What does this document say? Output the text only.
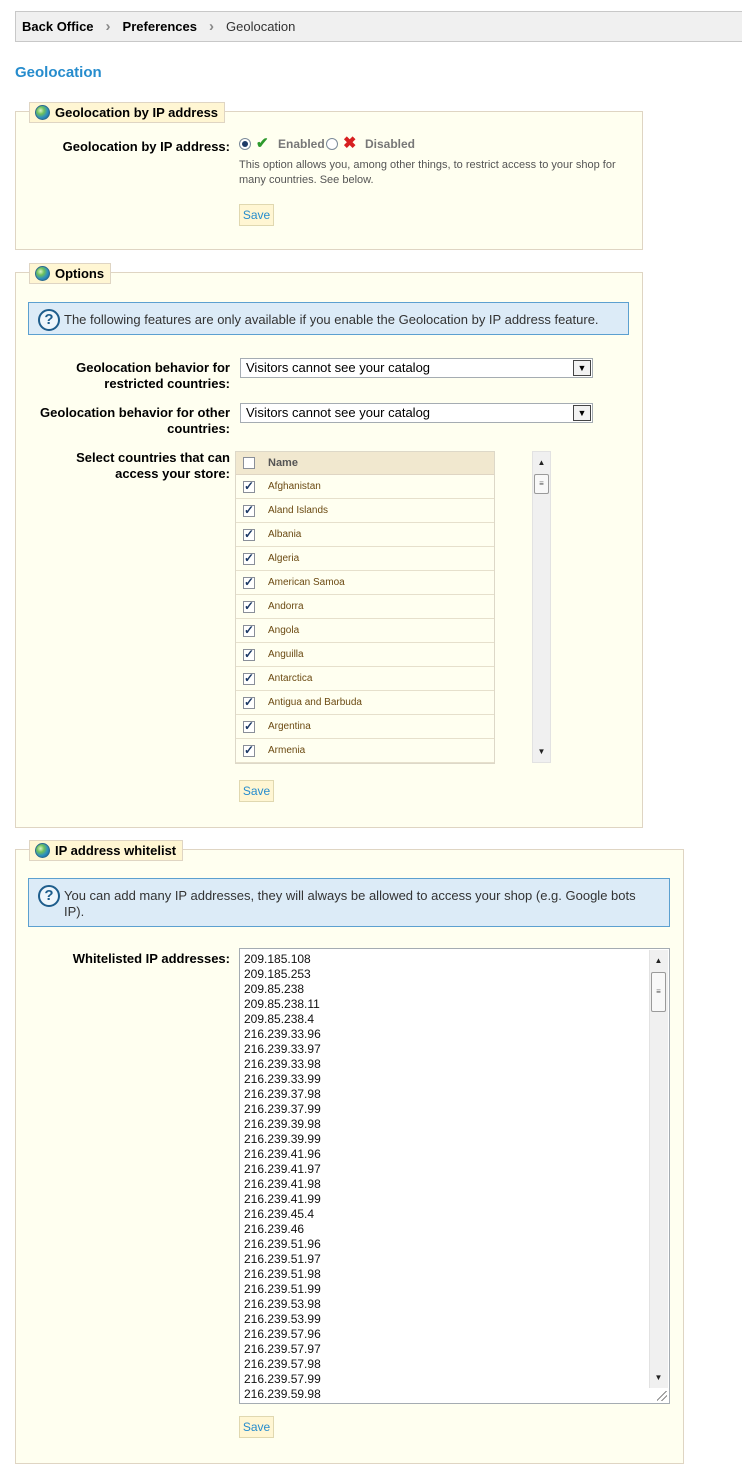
Back Office › Preferences › Geolocation
Geolocation
Geolocation by IP address
Geolocation by IP address: ✔ Enabled ✖ Disabled
This option allows you, among other things, to restrict access to your shop for
many countries. See below.
Save
Options
? The following features are only available if you enable the Geolocation by IP address feature.
Geolocation behavior for
restricted countries:
Visitors cannot see your catalog	▼
Geolocation behavior for other
countries:
Visitors cannot see your catalog	▼
Select countries that can
access your store:
Name
✓
Afghanistan
✓
Aland Islands
✓
Albania
✓
Algeria
✓
American Samoa
✓
Andorra
✓
Angola
✓
Anguilla
✓
Antarctica
✓
Antigua and Barbuda
✓
Argentina
✓
Armenia
▲
≡
▼
Save
IP address whitelist
? You can add many IP addresses, they will always be allowed to access your shop (e.g. Google bots
IP).
Whitelisted IP addresses: 209.185.108
209.185.253
209.85.238
209.85.238.11
209.85.238.4
216.239.33.96
216.239.33.97
216.239.33.98
216.239.33.99
216.239.37.98
216.239.37.99
216.239.39.98
216.239.39.99
216.239.41.96
216.239.41.97
216.239.41.98
216.239.41.99
216.239.45.4
216.239.46
216.239.51.96
216.239.51.97
216.239.51.98
216.239.51.99
216.239.53.98
216.239.53.99
216.239.57.96
216.239.57.97
216.239.57.98
216.239.57.99
216.239.59.98
▲
≡
▼
Save
